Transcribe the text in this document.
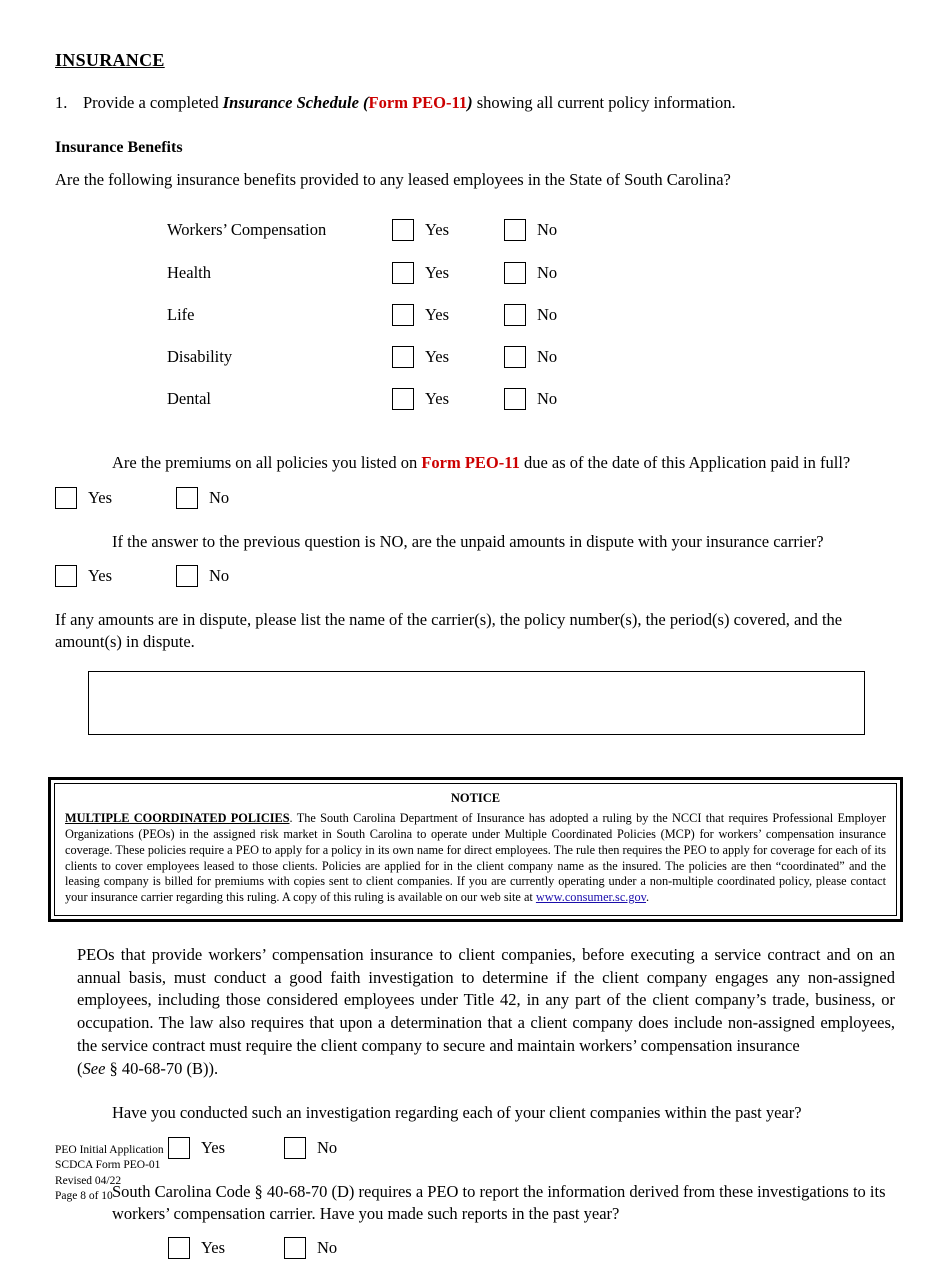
INSURANCE
1. Provide a completed Insurance Schedule (Form PEO-11) showing all current policy information.
Insurance Benefits
Are the following insurance benefits provided to any leased employees in the State of South Carolina?
Workers’ Compensation	Yes	No
Health	Yes	No
Life	Yes	No
Disability	Yes	No
Dental	Yes	No
Are the premiums on all policies you listed on Form PEO-11 due as of the date of this Application paid in full?
Yes	No
If the answer to the previous question is NO, are the unpaid amounts in dispute with your insurance carrier?
Yes	No
If any amounts are in dispute, please list the name of the carrier(s), the policy number(s), the period(s) covered, and the amount(s) in dispute.
NOTICE
MULTIPLE COORDINATED POLICIES. The South Carolina Department of Insurance has adopted a ruling by the NCCI that requires Professional Employer Organizations (PEOs) in the assigned risk market in South Carolina to operate under Multiple Coordinated Policies (MCP) for workers’ compensation insurance coverage. These policies require a PEO to apply for a policy in its own name for direct employees. The rule then requires the PEO to apply for coverage for each of its clients to cover employees leased to those clients. Policies are applied for in the client company name as the insured. The policies are then “coordinated” and the leasing company is billed for premiums with copies sent to client companies. If you are currently operating under a non-multiple coordinated policy, please contact your insurance carrier regarding this ruling. A copy of this ruling is available on our web site at www.consumer.sc.gov.
PEOs that provide workers’ compensation insurance to client companies, before executing a service contract and on an annual basis, must conduct a good faith investigation to determine if the client company engages any non-assigned employees, including those considered employees under Title 42, in any part of the client company’s trade, business, or occupation. The law also requires that upon a determination that a client company does include non-assigned employees, the service contract must require the client company to secure and maintain workers’ compensation insurance
(See § 40-68-70 (B)).
Have you conducted such an investigation regarding each of your client companies within the past year?
Yes	No
South Carolina Code § 40-68-70 (D) requires a PEO to report the information derived from these investigations to its workers’ compensation carrier. Have you made such reports in the past year?
Yes	No
PEO Initial Application
SCDCA Form PEO-01
Revised 04/22
Page 8 of 10
